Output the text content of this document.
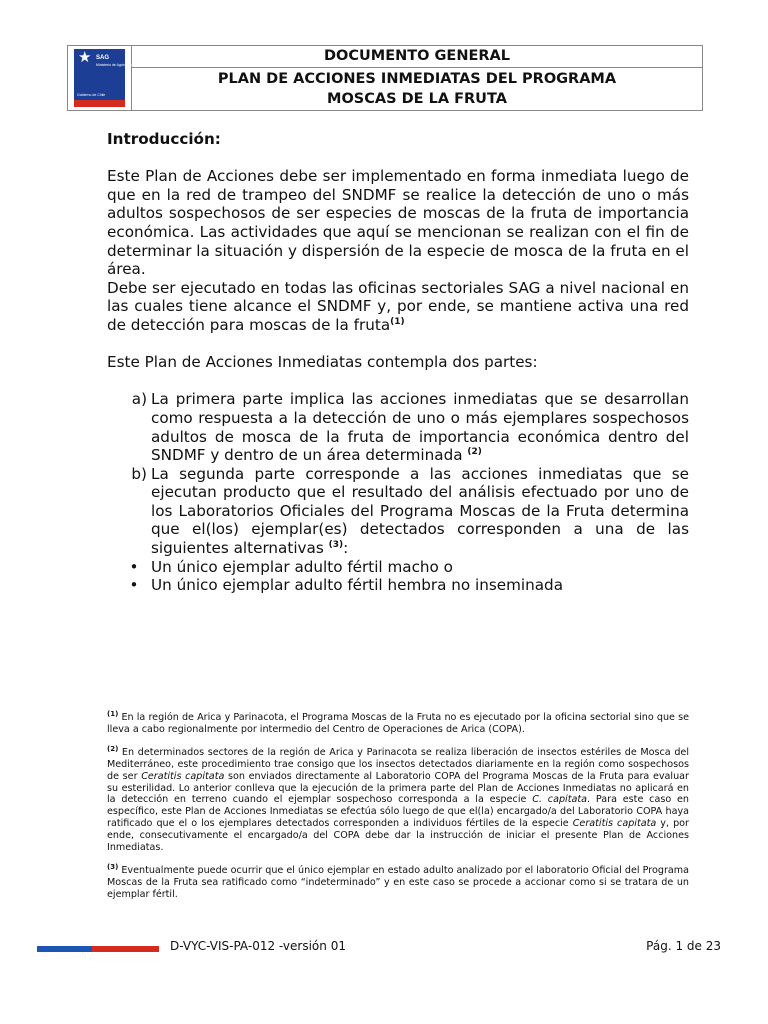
★ SAG
Ministerio de Agricultura
Gobierno de Chile
DOCUMENTO GENERAL
PLAN DE ACCIONES INMEDIATAS DEL PROGRAMA
MOSCAS DE LA FRUTA

Introducción:

Este Plan de Acciones debe ser implementado en forma inmediata luego de que en la red de trampeo del SNDMF se realice la detección de uno o más adultos sospechosos de ser especies de moscas de la fruta de importancia económica. Las actividades que aquí se mencionan se realizan con el fin de determinar la situación y dispersión de la especie de mosca de la fruta en el área.

Debe ser ejecutado en todas las oficinas sectoriales SAG a nivel nacional en las cuales tiene alcance el SNDMF y, por ende, se mantiene activa una red de detección para moscas de la fruta$^{(1)}$

Este Plan de Acciones Inmediatas contempla dos partes:

a) La primera parte implica las acciones inmediatas que se desarrollan como respuesta a la detección de uno o más ejemplares sospechosos adultos de mosca de la fruta de importancia económica dentro del SNDMF y dentro de un área determinada $^{(2)}$
b) La segunda parte corresponde a las acciones inmediatas que se ejecutan producto que el resultado del análisis efectuado por uno de los Laboratorios Oficiales del Programa Moscas de la Fruta determina que el(los) ejemplar(es) detectados corresponden a una de las siguientes alternativas $^{(3)}$:
• Un único ejemplar adulto fértil macho o
• Un único ejemplar adulto fértil hembra no inseminada

$^{(1)}$ En la región de Arica y Parinacota, el Programa Moscas de la Fruta no es ejecutado por la oficina sectorial sino que se lleva a cabo regionalmente por intermedio del Centro de Operaciones de Arica (COPA).

$^{(2)}$ En determinados sectores de la región de Arica y Parinacota se realiza liberación de insectos estériles de Mosca del Mediterráneo, este procedimiento trae consigo que los insectos detectados diariamente en la región como sospechosos de ser Ceratitis capitata son enviados directamente al Laboratorio COPA del Programa Moscas de la Fruta para evaluar su esterilidad. Lo anterior conlleva que la ejecución de la primera parte del Plan de Acciones Inmediatas no aplicará en la detección en terreno cuando el ejemplar sospechoso corresponda a la especie C. capitata. Para este caso en específico, este Plan de Acciones Inmediatas se efectúa sólo luego de que el(la) encargado/a del Laboratorio COPA haya ratificado que el o los ejemplares detectados corresponden a individuos fértiles de la especie Ceratitis capitata y, por ende, consecutivamente el encargado/a del COPA debe dar la instrucción de iniciar el presente Plan de Acciones Inmediatas.

$^{(3)}$ Eventualmente puede ocurrir que el único ejemplar en estado adulto analizado por el laboratorio Oficial del Programa Moscas de la Fruta sea ratificado como “indeterminado” y en este caso se procede a accionar como si se tratara de un ejemplar fértil.

D-VYC-VIS-PA-012 -versión 01	Pág. 1 de 23
